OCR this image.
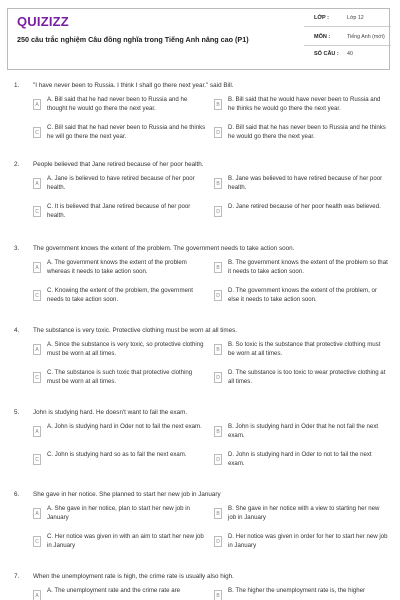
QUIZIZZ
250 câu trắc nghiệm Câu đồng nghĩa trong Tiếng Anh nâng cao (P1)
LỚP :	Lớp 12
MÔN :	Tiếng Anh (mới)
SỐ CÂU : 40
1. "I have never been to Russia. I think I shall go there next year." said Bill.
A
A. Bill said that he had never been to Russia and he thought he would go there the next year.	B
B. Bill said that he would have never been to Russia and he thinks he would go there the next year.
C
C. Bill said that he had never been to Russia and he thinks he will go there the next year.	D
D. Bill said that he has never been to Russia and he thinks he would go there the next year.
2. People believed that Jane retired because of her poor health.
A
A. Jane is believed to have retired because of her poor health.	B
B. Jane was believed to have retired because of her poor health.
C
C. It is believed that Jane retired because of her poor health.	D
D. Jane retired because of her poor health was believed.
3. The government knows the extent of the problem. The government needs to take action soon.
A
A. The government knows the extent of the problem whereas it needs to take action soon.	B
B. The government knows the extent of the problem so that it needs to take action soon.
C
C. Knowing the extent of the problem, the government needs to take action soon.	D
D. The government knows the extent of the problem, or else it needs to take action soon.
4. The substance is very toxic. Protective clothing must be worn at all times.
A
A. Since the substance is very toxic, so protective clothing must be worn at all times.	B
B. So toxic is the substance that protective clothing must be worn at all times.
C
C. The substance is such toxic that protective clothing must be worn at all times.	D
D. The substance is too toxic to wear protective clothing at all times.
5. John is studying hard. He doesn't want to fail the exam.
A
A. John is studying hard in Oder not to fail the next exam.
B
B. John is studying hard in Oder that he not fail the next exam.
C
C. John is studying hard so as to fail the next exam.
D
D. John is studying hard in Oder to not to fail the next exam.
6. She gave in her notice. She planned to start her new job in January
A
A. She gave in her notice, plan to start her new job in January	B
B. She gave in her notice with a view to starting her new job in January
C
C. Her notice was given in with an aim to start her new job in January	D
D. Her notice was given in order for her to start her new job in January
7. When the unemployment rate is high, the crime rate is usually also high.
A
A. The unemployment rate and the crime rate are
B
B. The higher the unemployment rate is, the higher
